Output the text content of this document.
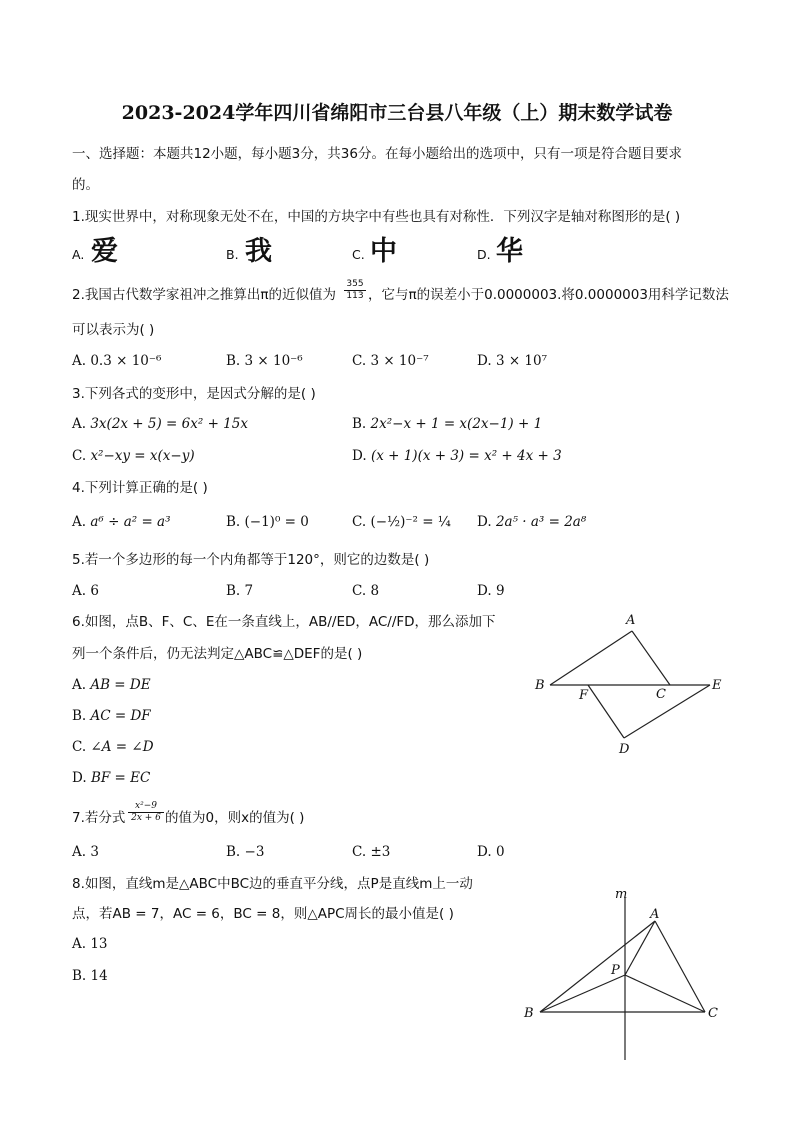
2023-2024学年四川省绵阳市三台县八年级（上）期末数学试卷
一、选择题：本题共12小题，每小题3分，共36分。在每小题给出的选项中，只有一项是符合题目要求
的。
1.现实世界中，对称现象无处不在，中国的方块字中有些也具有对称性．下列汉字是轴对称图形的是( )
A. 爱	B. 我	C. 中	D. 华
2.我国古代数学家祖冲之推算出π的近似值为 $\frac{355}{113}$ ，它与π的误差小于0.0000003.将0.0000003用科学记数法
可以表示为( )
A. 0.3 × 10⁻⁶	B. 3 × 10⁻⁶	C. 3 × 10⁻⁷	D. 3 × 10⁷
3.下列各式的变形中，是因式分解的是( )
A. 3x(2x + 5) = 6x² + 15x	B. 2x²−x + 1 = x(2x−1) + 1
C. x²−xy = x(x−y)	D. (x + 1)(x + 3) = x² + 4x + 3
4.下列计算正确的是( )
A. a⁶ ÷ a² = a³	B. (−1)⁰ = 0	C. (−½)⁻² = ¼ D. 2a⁵ · a³ = 2a⁸
5.若一个多边形的每一个内角都等于120°，则它的边数是( )
A. 6	B. 7	C. 8	D. 9
6.如图，点B、F、C、E在一条直线上，AB//ED，AC//FD，那么添加下
列一个条件后，仍无法判定△ABC≌△DEF的是( )
A. AB = DE
B. AC = DF
C. ∠A = ∠D
D. BF = EC
A
B
F	C
E
D
7.若分式 $\frac{\text{x²−9}}{2x + 6}$ 的值为0，则x的值为( )
A. 3	B. −3	C. ±3	D. 0
8.如图，直线m是△ABC中BC边的垂直平分线，点P是直线m上一动
点，若AB = 7，AC = 6，BC = 8，则△APC周长的最小值是( )
A. 13
B. 14
m
A
P
B	C
